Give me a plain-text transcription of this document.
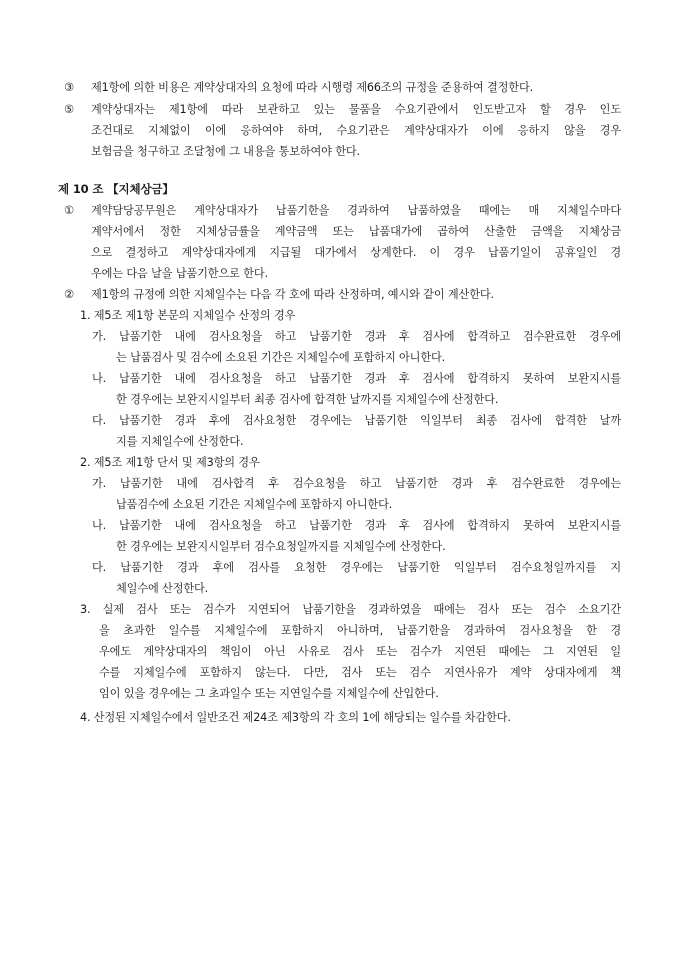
③ 제1항에 의한 비용은 계약상대자의 요청에 따라 시행령 제66조의 규정을 준용하여 결정한다.
⑤ 계약상대자는 제1항에 따라 보관하고 있는 물품을 수요기관에서 인도받고자 할 경우 인도
조건대로 지체없이 이에 응하여야 하며, 수요기관은 계약상대자가 이에 응하지 않을 경우
보험금을 청구하고 조달청에 그 내용을 통보하여야 한다.
제 10 조 【지체상금】
① 계약담당공무원은 계약상대자가 납품기한을 경과하여 납품하였을 때에는 매 지체일수마다
계약서에서 정한 지체상금률을 계약금액 또는 납품대가에 곱하여 산출한 금액을 지체상금
으로 결정하고 계약상대자에게 지급될 대가에서 상계한다. 이 경우 납품기일이 공휴일인 경
우에는 다음 날을 납품기한으로 한다.
② 제1항의 규정에 의한 지체일수는 다음 각 호에 따라 산정하며, 예시와 같이 계산한다.
1. 제5조 제1항 본문의 지체일수 산정의 경우
가. 납품기한 내에 검사요청을 하고 납품기한 경과 후 검사에 합격하고 검수완료한 경우에
는 납품검사 및 검수에 소요된 기간은 지체일수에 포함하지 아니한다.
나. 납품기한 내에 검사요청을 하고 납품기한 경과 후 검사에 합격하지 못하여 보완지시를
한 경우에는 보완지시일부터 최종 검사에 합격한 날까지를 지체일수에 산정한다.
다. 납품기한 경과 후에 검사요청한 경우에는 납품기한 익일부터 최종 검사에 합격한 날까
지를 지체일수에 산정한다.
2. 제5조 제1항 단서 및 제3항의 경우
가. 납품기한 내에 검사합격 후 검수요청을 하고 납품기한 경과 후 검수완료한 경우에는
납품검수에 소요된 기간은 지체일수에 포함하지 아니한다.
나. 납품기한 내에 검사요청을 하고 납품기한 경과 후 검사에 합격하지 못하여 보완지시를
한 경우에는 보완지시일부터 검수요청일까지를 지체일수에 산정한다.
다. 납품기한 경과 후에 검사를 요청한 경우에는 납품기한 익일부터 검수요청일까지를 지
체일수에 산정한다.
3. 실제 검사 또는 검수가 지연되어 납품기한을 경과하였을 때에는 검사 또는 검수 소요기간
을 초과한 일수를 지체일수에 포함하지 아니하며, 납품기한을 경과하여 검사요청을 한 경
우에도 계약상대자의 책임이 아닌 사유로 검사 또는 검수가 지연된 때에는 그 지연된 일
수를 지체일수에 포함하지 않는다. 다만, 검사 또는 검수 지연사유가 계약 상대자에게 책
임이 있을 경우에는 그 초과일수 또는 지연일수를 지체일수에 산입한다.
4. 산정된 지체일수에서 일반조건 제24조 제3항의 각 호의 1에 해당되는 일수를 차감한다.
